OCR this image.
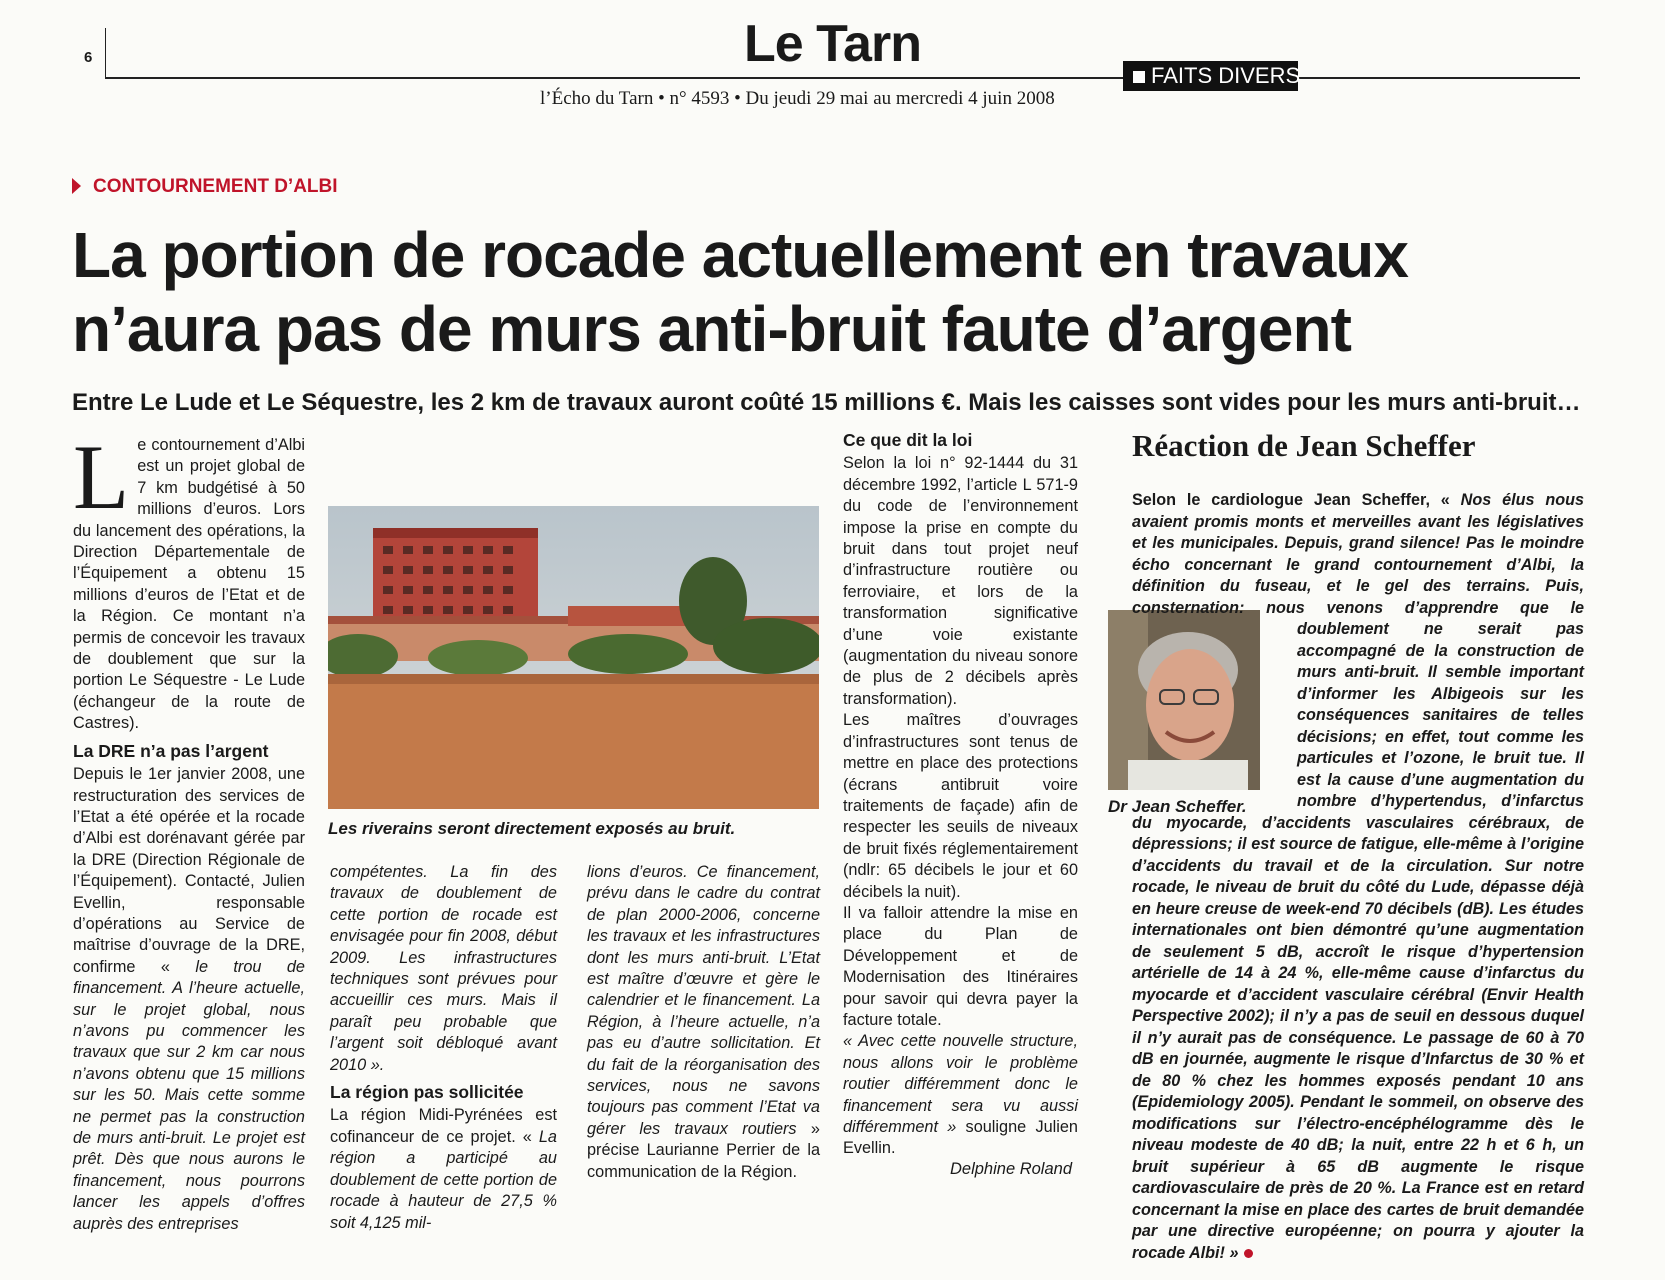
6	Le Tarn
l’Écho du Tarn • n° 4593 • Du jeudi 29 mai au mercredi 4 juin 2008
FAITS DIVERS
CONTOURNEMENT D’ALBI
La portion de rocade actuellement en travaux n’aura pas de murs anti-bruit faute d’argent
Entre Le Lude et Le Séquestre, les 2 km de travaux auront coûté 15 millions €. Mais les caisses sont vides pour les murs anti-bruit…
L e contournement d’Albi est un projet global de 7 km budgétisé à 50 millions d’euros. Lors du lancement des opérations, la Direction Départementale de l’Équipement a obtenu 15 millions d’euros de l’Etat et de la Région. Ce montant n’a permis de concevoir les travaux de doublement que sur la portion Le Séquestre - Le Lude (échangeur de la route de Castres).

La DRE n’a pas l’argent

Depuis le 1er janvier 2008, une restructuration des services de l’Etat a été opérée et la rocade d’Albi est dorénavant gérée par la DRE (Direction Régionale de l’Équipement). Contacté, Julien Evellin, responsable d’opérations au Service de maîtrise d’ouvrage de la DRE, confirme « le trou de financement. A l’heure actuelle, sur le projet global, nous n’avons pu commencer les travaux que sur 2 km car nous n’avons obtenu que 15 millions sur les 50. Mais cette somme ne permet pas la construction de murs anti-bruit. Le projet est prêt. Dès que nous aurons le financement, nous pourrons lancer les appels d’offres auprès des entreprises

Les riverains seront directement exposés au bruit.

compétentes. La fin des travaux de doublement de cette portion de rocade est envisagée pour fin 2008, début 2009. Les infrastructures techniques sont prévues pour accueillir ces murs. Mais il paraît peu probable que l’argent soit débloqué avant 2010 ».

La région pas sollicitée

La région Midi-Pyrénées est cofinanceur de ce projet. « La région a participé au doublement de cette portion de rocade à hauteur de 27,5 % soit 4,125 mil-

lions d’euros. Ce financement, prévu dans le cadre du contrat de plan 2000-2006, concerne les travaux et les infrastructures dont les murs anti-bruit. L’Etat est maître d’œuvre et gère le calendrier et le financement. La Région, à l’heure actuelle, n’a pas eu d’autre sollicitation. Et du fait de la réorganisation des services, nous ne savons toujours pas comment l’Etat va gérer les travaux routiers » précise Laurianne Perrier de la communication de la Région.

Ce que dit la loi

Selon la loi n° 92-1444 du 31 décembre 1992, l’article L 571-9 du code de l’environnement impose la prise en compte du bruit dans tout projet neuf d’infrastructure routière ou ferroviaire, et lors de la transformation significative d’une voie existante (augmentation du niveau sonore de plus de 2 décibels après transformation).

Les maîtres d’ouvrages d’infrastructures sont tenus de mettre en place des protections (écrans antibruit voire traitements de façade) afin de respecter les seuils de niveaux de bruit fixés réglementairement (ndlr: 65 décibels le jour et 60 décibels la nuit).

Il va falloir attendre la mise en place du Plan de Développement et de Modernisation des Itinéraires pour savoir qui devra payer la facture totale.

« Avec cette nouvelle structure, nous allons voir le problème routier différemment donc le financement sera vu aussi différemment » souligne Julien Evellin.

Delphine Roland
Réaction de Jean Scheffer
Dr Jean Scheffer.

Selon le cardiologue Jean Scheffer, « Nos élus nous avaient promis monts et merveilles avant les législatives et les municipales. Depuis, grand silence! Pas le moindre écho concernant le grand contournement d’Albi, la définition du fuseau, et le gel des terrains. Puis, consternation: nous venons d’apprendre que le doublement ne serait pas accompagné de la construction de murs anti-bruit. Il semble important d’informer les Albigeois sur les conséquences sanitaires de telles décisions; en effet, tout comme les particules et l’ozone, le bruit tue. Il est la cause d’une augmentation du nombre d’hypertendus, d’infarctus du myocarde, d’accidents vasculaires cérébraux, de dépressions; il est source de fatigue, elle-même à l’origine d’accidents du travail et de la circulation. Sur notre rocade, le niveau de bruit du côté du Lude, dépasse déjà en heure creuse de week-end 70 décibels (dB). Les études internationales ont bien démontré qu’une augmentation de seulement 5 dB, accroît le risque d’hypertension artérielle de 14 à 24 %, elle-même cause d’infarctus du myocarde et d’accident vasculaire cérébral (Envir Health Perspective 2002); il n’y a pas de seuil en dessous duquel il n’y aurait pas de conséquence. Le passage de 60 à 70 dB en journée, augmente le risque d’Infarctus de 30 % et de 80 % chez les hommes exposés pendant 10 ans (Epidemiology 2005). Pendant le sommeil, on observe des modifications sur l’électro-encéphélogramme dès le niveau modeste de 40 dB; la nuit, entre 22 h et 6 h, un bruit supérieur à 65 dB augmente le risque cardiovasculaire de près de 20 %. La France est en retard concernant la mise en place des cartes de bruit demandée par une directive européenne; on pourra y ajouter la rocade Albi! »
